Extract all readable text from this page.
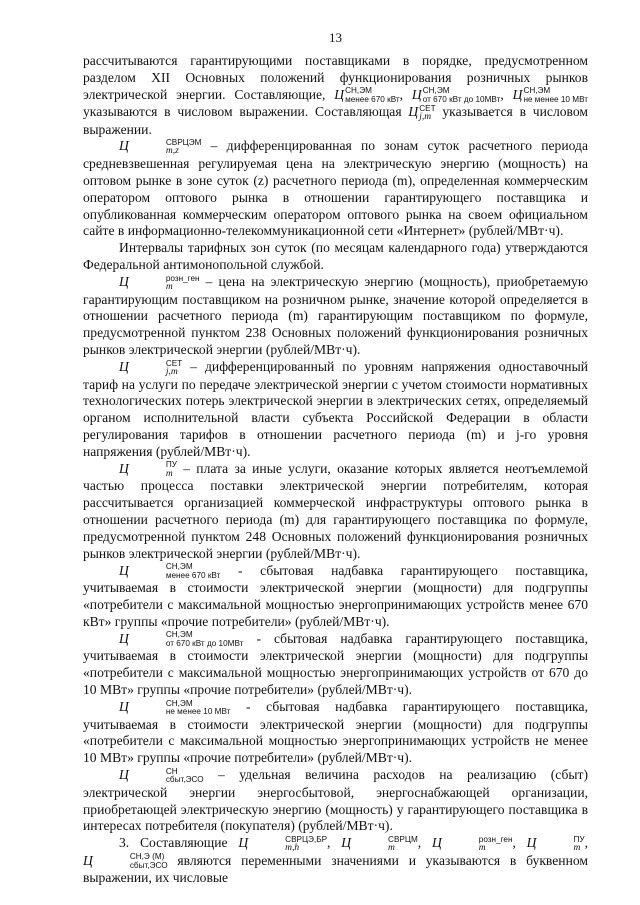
13

рассчитываются гарантирующими поставщиками в порядке, предусмотренном разделом XII Основных положений функционирования розничных рынков электрической энергии. Составляющие, Ц СН,ЭМ
менее 670 кВт , Ц СН,ЭМ
от 670 кВт до 10МВт , Ц СН,ЭМ
не менее 10 МВт
указываются в числовом выражении. Составляющая Ц СЕТ
j,m указывается в числовом выражении.

Ц	СВРЦЭМ
m,z	– дифференцированная по зонам суток расчетного периода средневзвешенная регулируемая цена на электрическую энергию (мощность) на оптовом рынке в зоне суток (z) расчетного периода (m), определенная коммерческим оператором оптового рынка в отношении гарантирующего поставщика и опубликованная коммерческим оператором оптового рынка на своем официальном сайте в информационно-телекоммуникационной сети «Интернет» (рублей/МВт·ч).

Интервалы тарифных зон суток (по месяцам календарного года) утверждаются Федеральной антимонопольной службой.

Ц	розн_ген
m	– цена на электрическую энергию (мощность), приобретаемую гарантирующим поставщиком на розничном рынке, значение которой определяется в отношении расчетного периода (m) гарантирующим поставщиком по формуле, предусмотренной пунктом 238 Основных положений функционирования розничных рынков электрической энергии (рублей/МВт·ч).

Ц	СЕТ
j,m – дифференцированный по уровням напряжения одноставочный тариф на услуги по передаче электрической энергии с учетом стоимости нормативных технологических потерь электрической энергии в электрических сетях, определяемый органом исполнительной власти субъекта Российской Федерации в области регулирования тарифов в отношении расчетного периода (m) и j-го уровня напряжения (рублей/МВт·ч).

Ц	ПУ
m – плата за иные услуги, оказание которых является неотъемлемой частью процесса поставки электрической энергии потребителям, которая рассчитывается организацией коммерческой инфраструктуры оптового рынка в отношении расчетного периода (m) для гарантирующего поставщика по формуле, предусмотренной пунктом 248 Основных положений функционирования розничных рынков электрической энергии (рублей/МВт·ч).

Ц	СН,ЭМ
менее 670 кВт - сбытовая надбавка гарантирующего поставщика, учитываемая в стоимости электрической энергии (мощности) для подгруппы «потребители с максимальной мощностью энергопринимающих устройств менее 670 кВт» группы «прочие потребители» (рублей/МВт·ч).

Ц	СН,ЭМ
от 670 кВт до 10МВт - сбытовая надбавка гарантирующего поставщика, учитываемая в стоимости электрической энергии (мощности) для подгруппы «потребители с максимальной мощностью энергопринимающих устройств от 670 до 10 МВт» группы «прочие потребители» (рублей/МВт·ч).

Ц	СН,ЭМ
не менее 10 МВт - сбытовая надбавка гарантирующего поставщика, учитываемая в стоимости электрической энергии (мощности) для подгруппы «потребители с максимальной мощностью энергопринимающих устройств не менее 10 МВт» группы «прочие потребители» (рублей/МВт·ч).

Ц	СН
сбыт,ЭСО – удельная величина расходов на реализацию (сбыт) электрической энергии энергосбытовой, энергоснабжающей организации, приобретающей электрическую энергию (мощность) у гарантирующего поставщика в интересах потребителя (покупателя) (рублей/МВт·ч).

3. Составляющие Ц	СВРЦЭ,БР
m,h	, Ц	СВРЦМ
m	, Ц	розн_ген
m	, Ц	ПУ
m , Ц	СН,Э (М)
сбыт,ЭСО являются переменными значениями и указываются в буквенном выражении, их числовые
